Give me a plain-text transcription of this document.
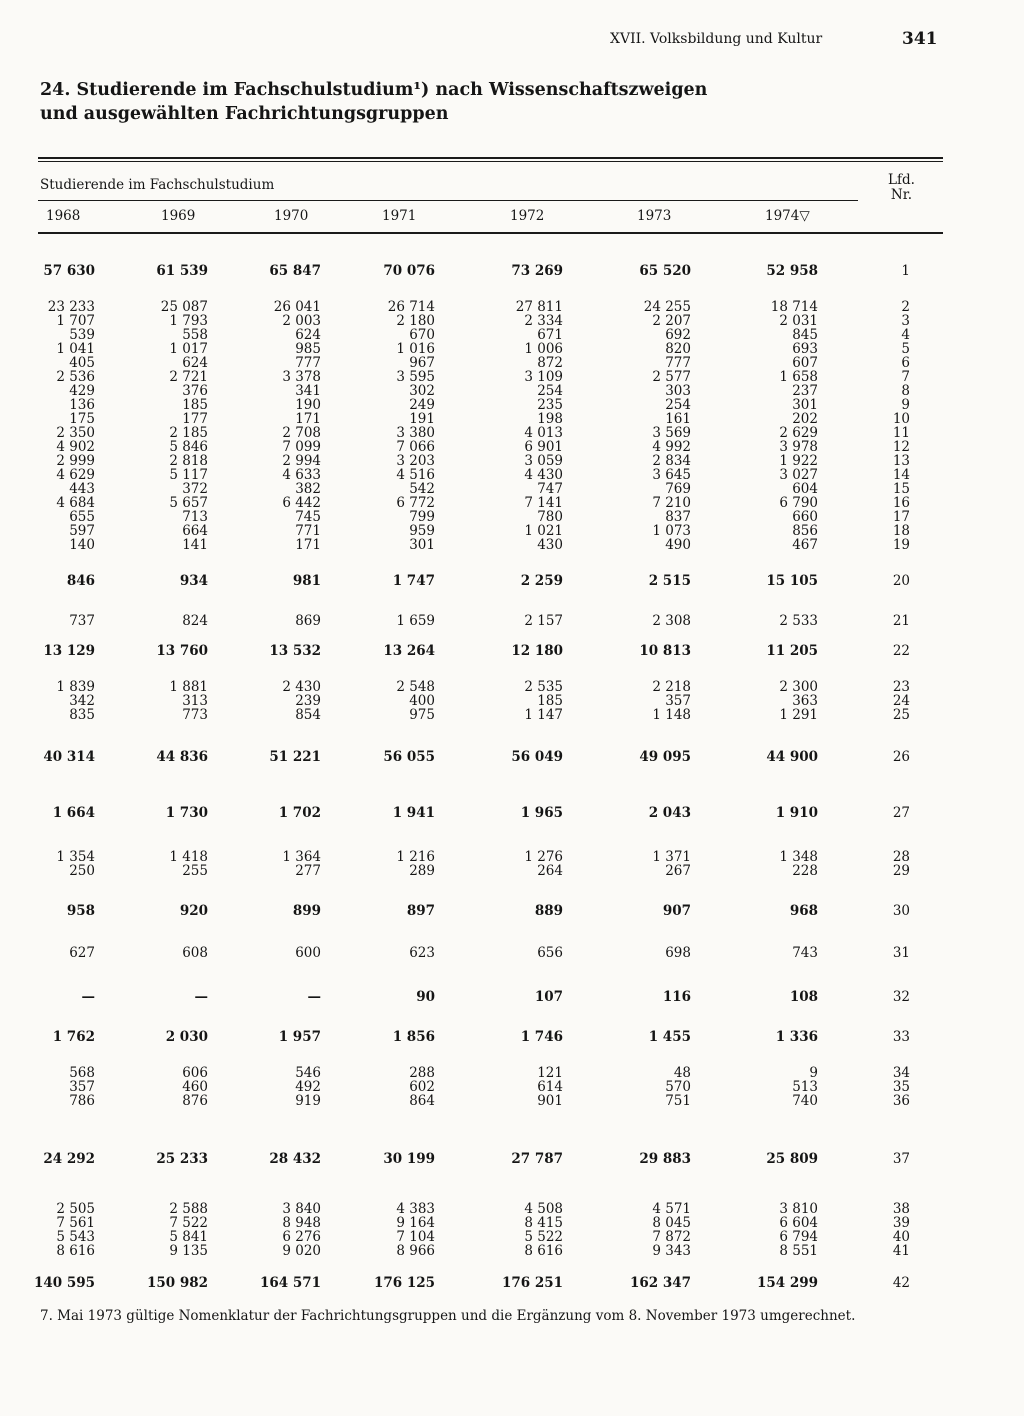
XVII. Volksbildung und Kultur	341
24. Studierende im Fachschulstudium¹) nach Wissenschaftszweigen
und ausgewählten Fachrichtungsgruppen
Studierende im Fachschulstudium	Lfd.
Nr.
1968	1969	1970	1971	1972	1973	1974▽
57 630	61 539	65 847	70 076	73 269	65 520	52 958	1
23 233	25 087	26 041	26 714	27 811	24 255	18 714	2
1 707	1 793	2 003	2 180	2 334	2 207	2 031	3
539	558	624	670	671	692	845	4
1 041	1 017	985	1 016	1 006	820	693	5
405	624	777	967	872	777	607	6
2 536	2 721	3 378	3 595	3 109	2 577	1 658	7
429	376	341	302	254	303	237	8
136	185	190	249	235	254	301	9
175	177	171	191	198	161	202	10
2 350	2 185	2 708	3 380	4 013	3 569	2 629	11
4 902	5 846	7 099	7 066	6 901	4 992	3 978	12
2 999	2 818	2 994	3 203	3 059	2 834	1 922	13
4 629	5 117	4 633	4 516	4 430	3 645	3 027	14
443	372	382	542	747	769	604	15
4 684	5 657	6 442	6 772	7 141	7 210	6 790	16
655	713	745	799	780	837	660	17
597	664	771	959	1 021	1 073	856	18
140	141	171	301	430	490	467	19
846	934	981	1 747	2 259	2 515	15 105	20
737	824	869	1 659	2 157	2 308	2 533	21
13 129	13 760	13 532	13 264	12 180	10 813	11 205	22
1 839	1 881	2 430	2 548	2 535	2 218	2 300	23
342	313	239	400	185	357	363	24
835	773	854	975	1 147	1 148	1 291	25
40 314	44 836	51 221	56 055	56 049	49 095	44 900	26
1 664	1 730	1 702	1 941	1 965	2 043	1 910	27
1 354	1 418	1 364	1 216	1 276	1 371	1 348	28
250	255	277	289	264	267	228	29
958	920	899	897	889	907	968	30
627	608	600	623	656	698	743	31
—	—	—	90	107	116	108	32
1 762	2 030	1 957	1 856	1 746	1 455	1 336	33
568	606	546	288	121	48	9	34
357	460	492	602	614	570	513	35
786	876	919	864	901	751	740	36
24 292	25 233	28 432	30 199	27 787	29 883	25 809	37
2 505	2 588	3 840	4 383	4 508	4 571	3 810	38
7 561	7 522	8 948	9 164	8 415	8 045	6 604	39
5 543	5 841	6 276	7 104	5 522	7 872	6 794	40
8 616	9 135	9 020	8 966	8 616	9 343	8 551	41
140 595	150 982	164 571	176 125	176 251	162 347	154 299	42
7. Mai 1973 gültige Nomenklatur der Fachrichtungsgruppen und die Ergänzung vom 8. November 1973 umgerechnet.
